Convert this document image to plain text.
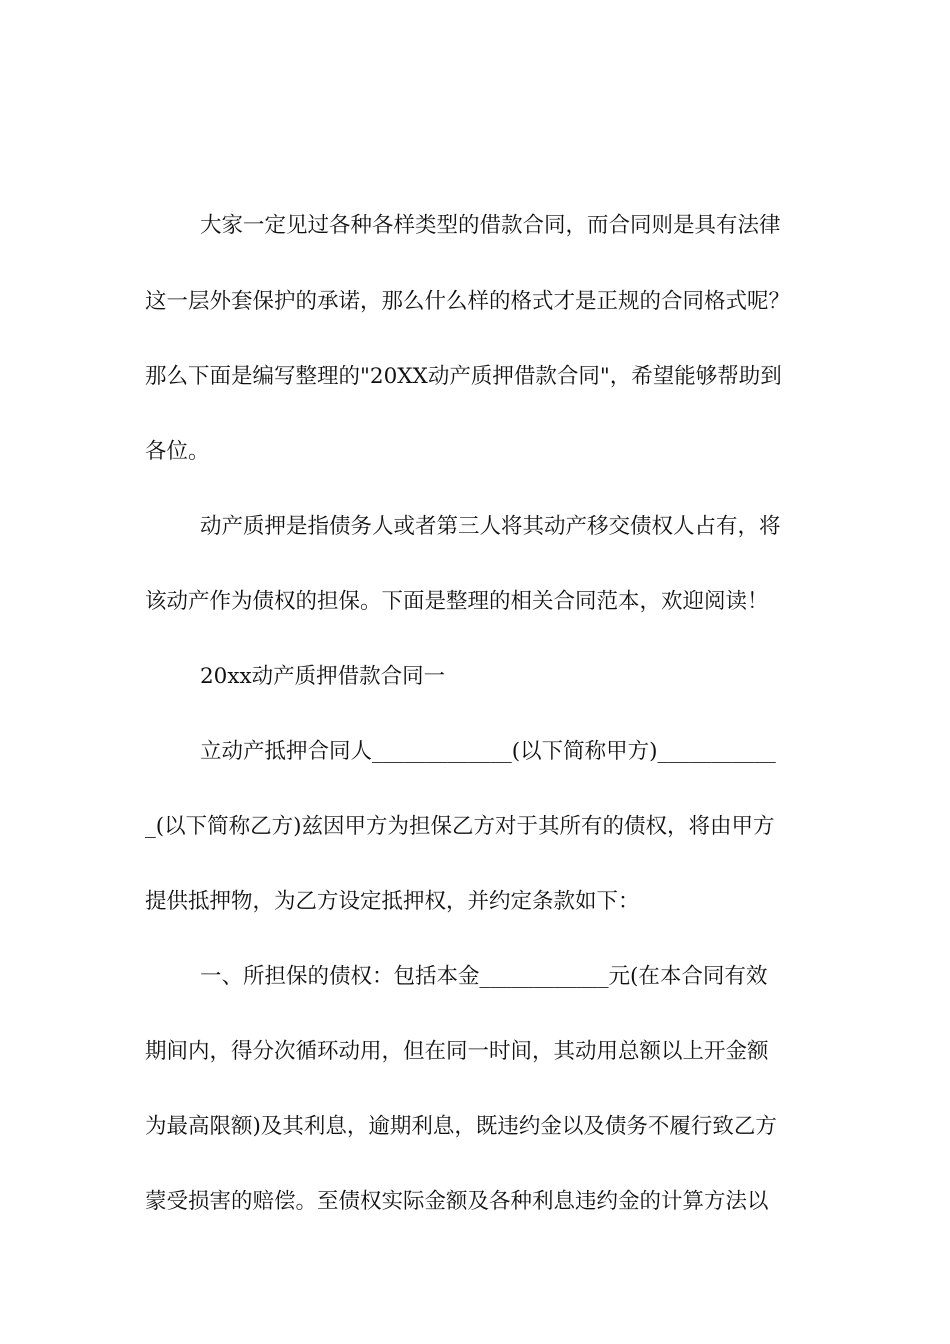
大家一定见过各种各样类型的借款合同，而合同则是具有法律
这一层外套保护的承诺，那么什么样的格式才是正规的合同格式呢？
那么下面是编写整理的"20XX动产质押借款合同"，希望能够帮助到
各位。
动产质押是指债务人或者第三人将其动产移交债权人占有，将
该动产作为债权的担保。下面是整理的相关合同范本，欢迎阅读！
20xx动产质押借款合同一
立动产抵押合同人_____________(以下简称甲方)___________
_(以下简称乙方)兹因甲方为担保乙方对于其所有的债权，将由甲方
提供抵押物，为乙方设定抵押权，并约定条款如下：
一、所担保的债权：包括本金____________元(在本合同有效
期间内，得分次循环动用，但在同一时间，其动用总额以上开金额
为最高限额)及其利息，逾期利息，既违约金以及债务不履行致乙方
蒙受损害的赔偿。至债权实际金额及各种利息违约金的计算方法以
